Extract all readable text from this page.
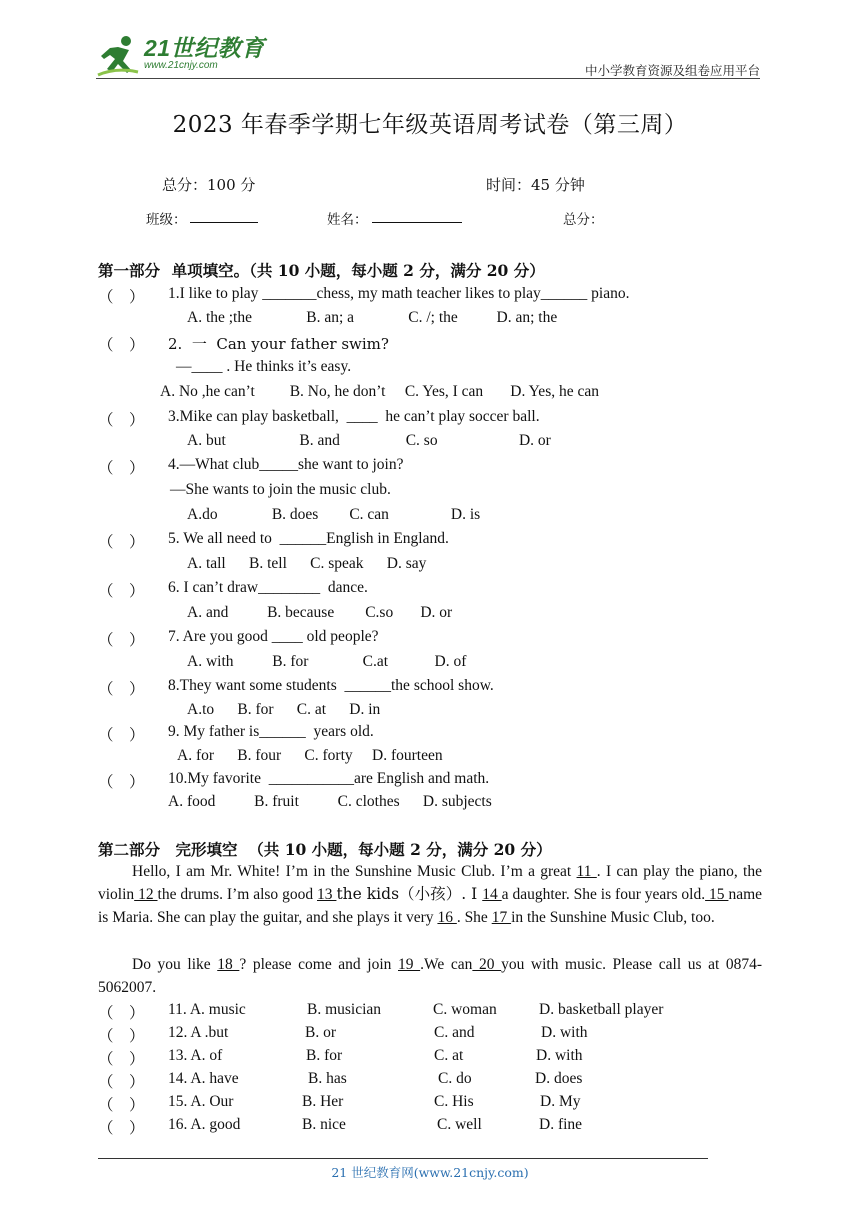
21世纪教育
www.21cnjy.com	中小学教育资源及组卷应用平台
2023 年春季学期七年级英语周考试卷（第三周）
总分：100 分	时间：45 分钟
班级：	姓名：	总分：
第一部分 单项填空。（共 10 小题，每小题 2 分，满分 20 分）
（    ） 1.I like to play _______chess, my math teacher likes to play______ piano.
A. the ;the              B. an; a              C. /; the          D. an; the
（    ） 2.  一  Can your father swim?
—____ . He thinks it’s easy.
A. No ,he can’t         B. No, he don’t     C. Yes, I can       D. Yes, he can
（    ） 3.Mike can play basketball,  ____  he can’t play soccer ball.
A. but                   B. and                 C. so                     D. or
（    ） 4.—What club_____she want to join?
—She wants to join the music club.
A.do              B. does        C. can                D. is
（    ） 5. We all need to  ______English in England.
A. tall      B. tell      C. speak      D. say
（    ） 6. I can’t draw________  dance.
A. and          B. because        C.so       D. or
（    ） 7. Are you good ____ old people?
A. with          B. for              C.at            D. of
（    ） 8.They want some students  ______the school show.
A.to      B. for      C. at      D. in
（    ） 9. My father is______  years old.
A. for      B. four      C. forty     D. fourteen
（    ） 10.My favorite  ___________are English and math.
A. food          B. fruit          C. clothes      D. subjects
第二部分 完形填空  （共 10 小题，每小题 2 分，满分 20 分）
Hello, I am Mr. White! I’m in the Sunshine Music Club. I’m a great 11 . I can play the piano, the violin 12 the drums. I’m also good 13 the kids（小孩）. I 14 a daughter. She is four years old. 15 name is Maria. She can play the guitar, and she plays it very 16 . She 17 in the Sunshine Music Club, too.
Do you like 18 ? please come and join 19 .We can 20 you with music. Please call us at 0874-5062007.
（    ） 11. A. music	B. musician	C. woman	D. basketball player
（    ） 12. A .but	B. or	C. and	D. with
（    ） 13. A. of	B. for	C. at	D. with
（    ） 14. A. have	B. has	C. do	D. does
（    ） 15. A. Our	B. Her	C. His	D. My
（    ） 16. A. good	B. nice	C. well	D. fine
21 世纪教育网(www.21cnjy.com)
